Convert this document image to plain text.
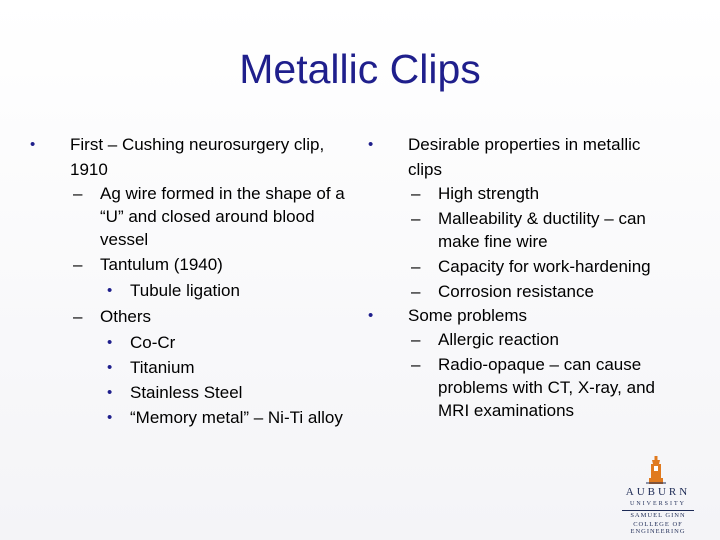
Metallic Clips
• First – Cushing neurosurgery clip, 1910
– Ag wire formed in the shape of a “U” and closed around blood vessel
– Tantulum (1940)
• Tubule ligation
– Others
• Co-Cr
• Titanium
• Stainless Steel
• “Memory metal” – Ni-Ti alloy
• Desirable properties in metallic clips
– High strength
– Malleability & ductility – can make fine wire
– Capacity for work-hardening
– Corrosion resistance
• Some problems
– Allergic reaction
– Radio-opaque – can cause problems with CT, X-ray, and MRI examinations
AUBURN
UNIVERSITY
SAMUEL GINN
COLLEGE OF ENGINEERING
